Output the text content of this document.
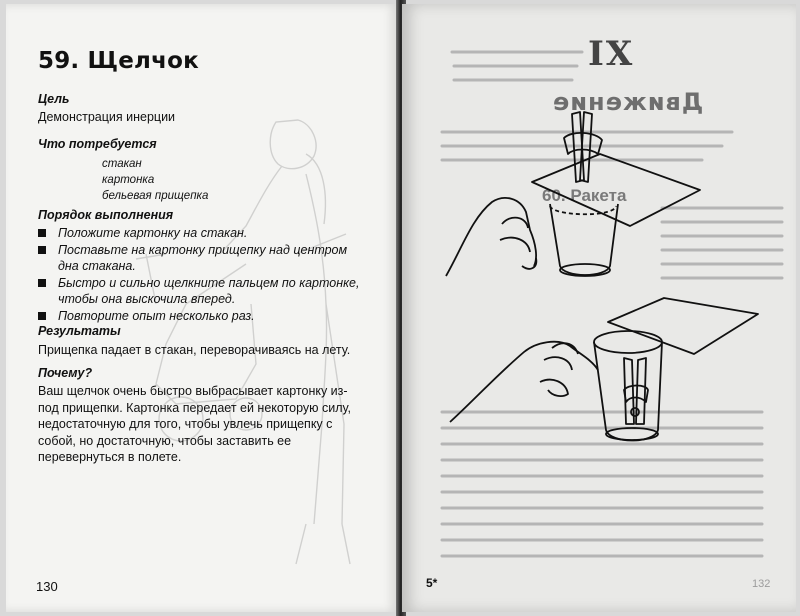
59. Щелчок
Цель

Демонстрация инерции

Что потребуется
стакан
картонка
бельевая прищепка
Порядок выполнения
Положите картонку на стакан.
Поставьте на картонку прищепку над центром дна стакана.
Быстро и сильно щелкните пальцем по картонке, чтобы она выскочила вперед.
Повторите опыт несколько раз.
Результаты

Прищепка падает в стакан, переворачиваясь на лету.

Почему?

Ваш щелчок очень быстро выбрасывает картонку из-под прищепки. Картонка передает ей некоторую силу, недостаточную для того, чтобы увлечь прищепку с собой, но достаточную, чтобы заставить ее перевернуться в полете.

130
IX
Движение
60. Ракета
5*	132
